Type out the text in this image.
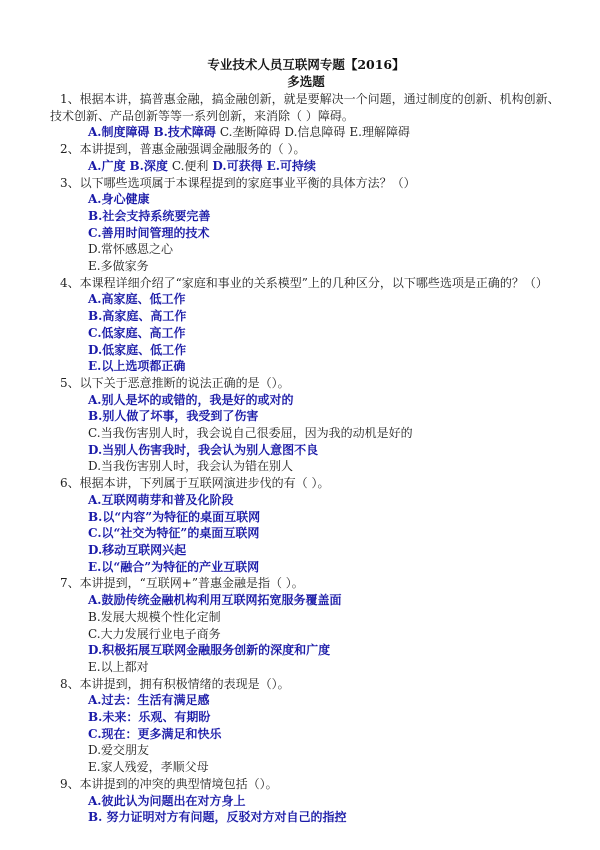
专业技术人员互联网专题【2016】
多选题
1、根据本讲，搞普惠金融，搞金融创新，就是要解决一个问题，通过制度的创新、机构创新、技术创新、产品创新等等一系列创新，来消除（ ）障碍。
A.制度障碍 B.技术障碍 C.垄断障碍 D.信息障碍 E.理解障碍
2、本讲提到，普惠金融强调金融服务的（ ）。
A.广度 B.深度 C.便利 D.可获得 E.可持续
3、以下哪些选项属于本课程提到的家庭事业平衡的具体方法？（）
A.身心健康
B.社会支持系统要完善
C.善用时间管理的技术
D.常怀感恩之心
E.多做家务
4、本课程详细介绍了“家庭和事业的关系模型”上的几种区分，以下哪些选项是正确的？（）
A.高家庭、低工作
B.高家庭、高工作
C.低家庭、高工作
D.低家庭、低工作
E.以上选项都正确
5、以下关于恶意推断的说法正确的是（）。
A.别人是坏的或错的，我是好的或对的
B.别人做了坏事，我受到了伤害
C.当我伤害别人时，我会说自己很委屈，因为我的动机是好的
D.当别人伤害我时，我会认为别人意图不良
D.当我伤害别人时，我会认为错在别人
6、根据本讲，下列属于互联网演进步伐的有（ ）。
A.互联网萌芽和普及化阶段
B.以“内容”为特征的桌面互联网
C.以“社交为特征”的桌面互联网
D.移动互联网兴起
E.以“融合”为特征的产业互联网
7、本讲提到，“互联网+”普惠金融是指（ ）。
A.鼓励传统金融机构利用互联网拓宽服务覆盖面
B.发展大规模个性化定制
C.大力发展行业电子商务
D.积极拓展互联网金融服务创新的深度和广度
E.以上都对
8、本讲提到，拥有积极情绪的表现是（）。
A.过去：生活有满足感
B.未来：乐观、有期盼
C.现在：更多满足和快乐
D.爱交朋友
E.家人残爱，孝顺父母
9、本讲提到的冲突的典型情境包括（）。
A.彼此认为问题出在对方身上
B. 努力证明对方有问题，反驳对方对自己的指控
